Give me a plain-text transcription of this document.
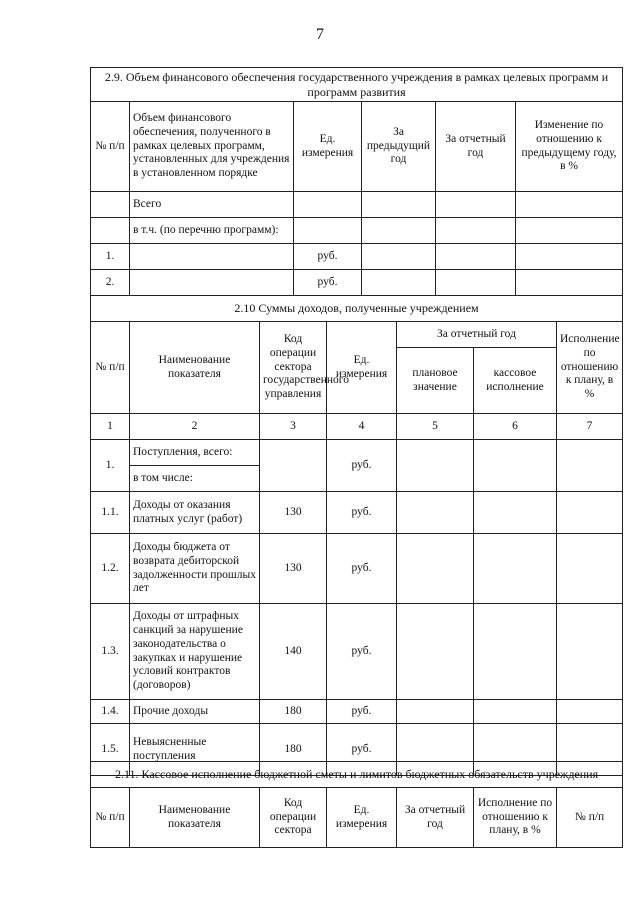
7
2.9. Объем финансового обеспечения государственного учреждения в рамках целевых программ и программ развития					
№ п/п	Объем финансового обеспечения, полученного в рамках целевых программ, установленных для учреждения в установленном порядке	Ед. измерения	За предыдущий год	За отчетный год	Изменение по отношению к предыдущему году, в %
	Всего				
	в т.ч. (по перечню программ):				
1.		руб.			
2.		руб.			
2.10 Суммы доходов, полученные учреждением						
№ п/п	Наименование показателя	Код операции сектора государственного управления	Ед. измерения	За отчетный год		Исполнение по отношению к плану, в %
				плановое значение	кассовое исполнение	
1	2	3	4	5	6	7
1.	Поступления, всего:		руб.			
	в том числе:					
1.1.	Доходы от оказания платных услуг (работ)	130	руб.			
1.2.	Доходы бюджета от возврата дебиторской задолженности прошлых лет	130	руб.			
1.3.	Доходы от штрафных санкций за нарушение законодательства о закупках и нарушение условий контрактов (договоров)	140	руб.			
1.4.	Прочие доходы	180	руб.			
1.5.	Невыясненные поступления	180	руб.			
2.11. Кассовое исполнение бюджетной сметы и лимитов бюджетных обязательств учреждения
№ п/п	Наименование показателя	Код операции сектора	Ед. измерения	За отчетный год	Исполнение по отношению к плану, в %	№ п/п
